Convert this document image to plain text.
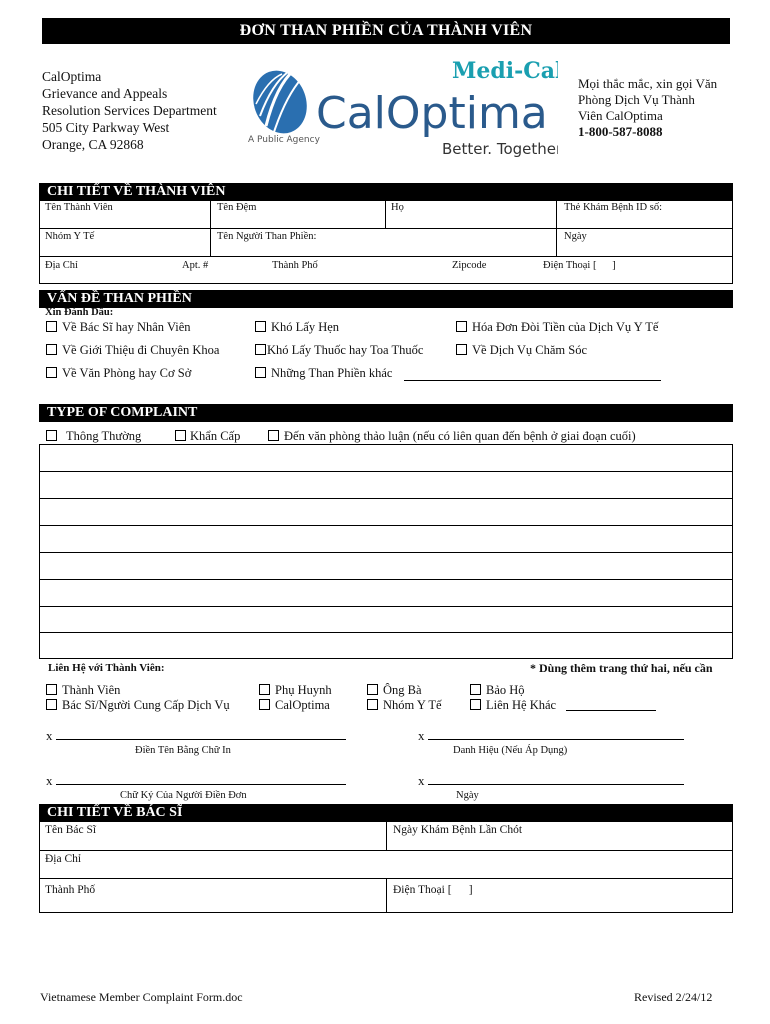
ĐƠN THAN PHIỀN CỦA THÀNH VIÊN
CalOptima
Grievance and Appeals
Resolution Services Department
505 City Parkway West
Orange, CA 92868
Medi-Cal
CalOptima
A Public Agency	Better. Together.
Mọi thắc mắc, xin gọi Văn
Phòng Dịch Vụ Thành
Viên CalOptima
1-800-587-8088
CHI TIẾT VỀ THÀNH VIÊN
Tên Thành Viên	Tên Đệm	Họ	Thẻ Khám Bệnh ID số:
Nhóm Y Tế	Tên Người Than Phiền:	Ngày
Địa Chỉ	Apt. #	Thành Phố	Zipcode	Điện Thoại [      ]
VẤN ĐỀ THAN PHIỀN
Xin Đánh Dấu:
Về Bác Sĩ hay Nhân Viên	Khó Lấy Hẹn	Hóa Đơn Đòi Tiền của Dịch Vụ Y Tế
Về Giới Thiệu đi Chuyên Khoa	Khó Lấy Thuốc hay Toa Thuốc	Về Dịch Vụ Chăm Sóc
Về Văn Phòng hay Cơ Sở	Những Than Phiền khác
TYPE OF COMPLAINT
Thông Thường	Khẩn Cấp	Đến văn phòng thảo luận (nếu có liên quan đến bệnh ở giai đoạn cuối)
Liên Hệ với Thành Viên:	* Dùng thêm trang thứ hai, nếu cần
Thành Viên	Phụ Huynh	Ông Bà	Bảo Hộ
Bác Sĩ/Người Cung Cấp Dịch Vụ	CalOptima	Nhóm Y Tế	Liên Hệ Khác
x
Điền Tên Bằng Chữ In
x
Danh Hiệu (Nếu Áp Dụng)
x
Chữ Ký Của Người Điền Đơn
x
Ngày
CHI TIẾT VỀ BÁC SĨ
Tên Bác Sĩ	Ngày Khám Bệnh Lần Chót
Địa Chỉ
Thành Phố	Điện Thoại [      ]
Vietnamese Member Complaint Form.doc	Revised 2/24/12
